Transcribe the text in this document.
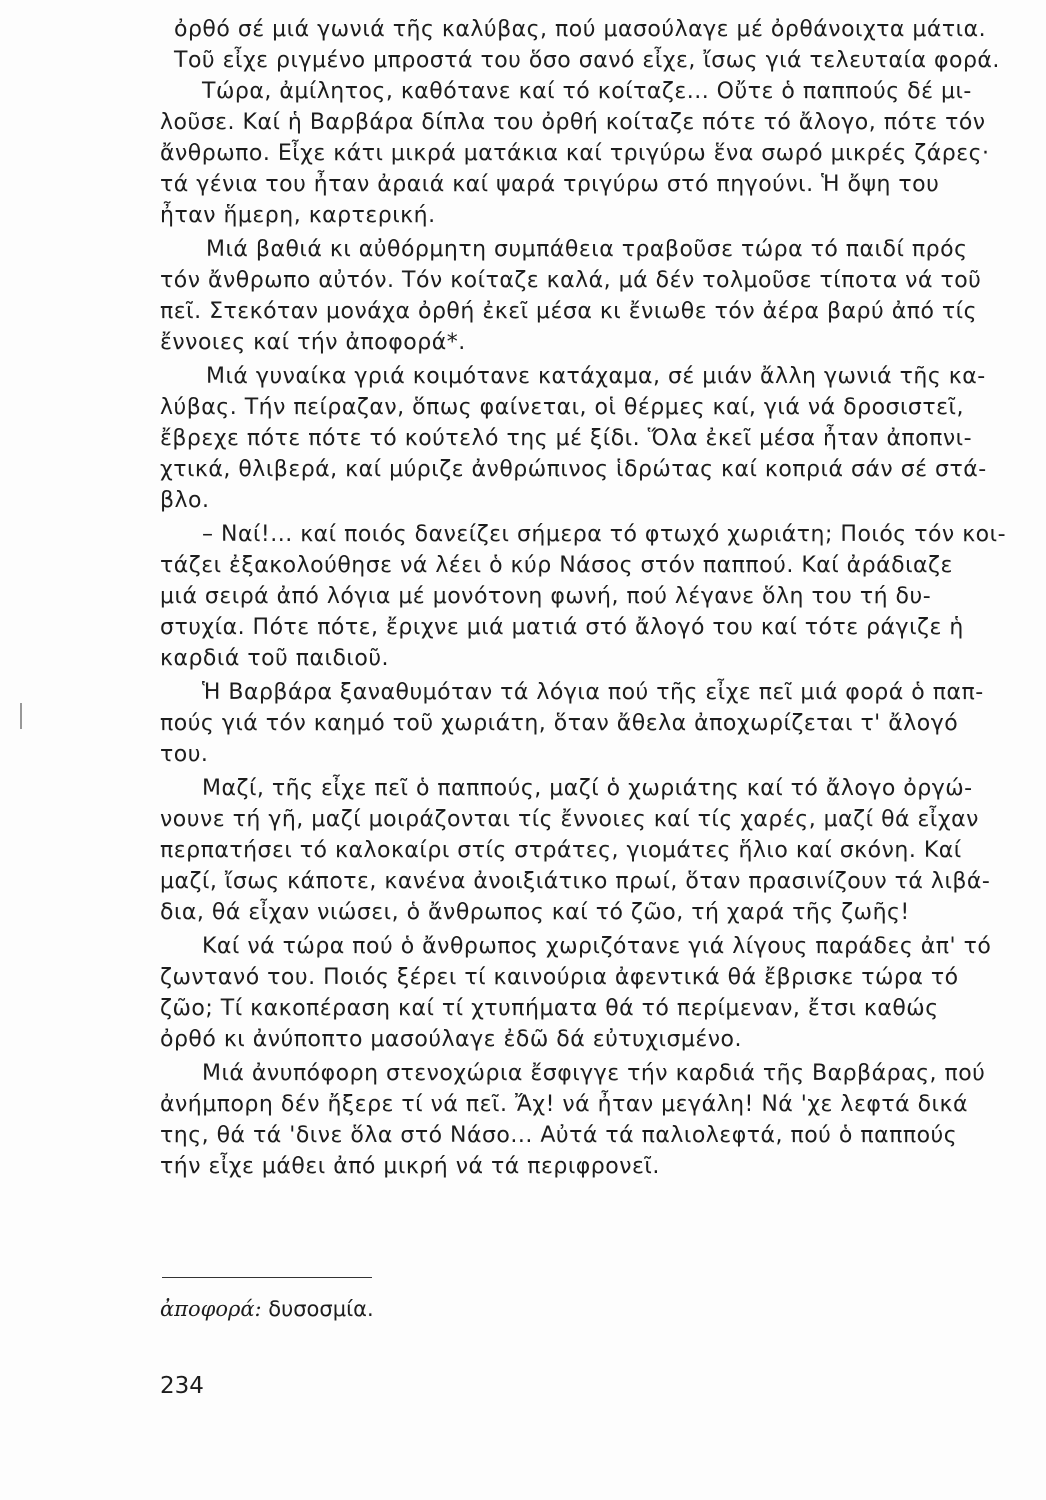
ὀρθό σέ μιά γωνιά τῆς καλύβας, πού μασούλαγε μέ ὀρθάνοιχτα μάτια.
Τοῦ εἶχε ριγμένο μπροστά του ὅσο σανό εἶχε, ἴσως γιά τελευταία φορά.
Τώρα, ἀμίλητος, καθότανε καί τό κοίταζε... Οὔτε ὁ παππούς δέ μι-
λοῦσε. Καί ἡ Βαρβάρα δίπλα του ὀρθή κοίταζε πότε τό ἄλογο, πότε τόν
ἄνθρωπο. Εἶχε κάτι μικρά ματάκια καί τριγύρω ἕνα σωρό μικρές ζάρες·
τά γένια του ἦταν ἀραιά καί ψαρά τριγύρω στό πηγούνι. Ἡ ὄψη του
ἦταν ἥμερη, καρτερική.
Μιά βαθιά κι αὐθόρμητη συμπάθεια τραβοῦσε τώρα τό παιδί πρός
τόν ἄνθρωπο αὐτόν. Τόν κοίταζε καλά, μά δέν τολμοῦσε τίποτα νά τοῦ
πεῖ. Στεκόταν μονάχα ὀρθή ἐκεῖ μέσα κι ἔνιωθε τόν ἀέρα βαρύ ἀπό τίς
ἔννοιες καί τήν ἀποφορά*.
Μιά γυναίκα γριά κοιμότανε κατάχαμα, σέ μιάν ἄλλη γωνιά τῆς κα-
λύβας. Τήν πείραζαν, ὅπως φαίνεται, οἱ θέρμες καί, γιά νά δροσιστεῖ,
ἔβρεχε πότε πότε τό κούτελό της μέ ξίδι. Ὅλα ἐκεῖ μέσα ἦταν ἀποπνι-
χτικά, θλιβερά, καί μύριζε ἀνθρώπινος ἱδρώτας καί κοπριά σάν σέ στά-
βλο.
– Ναί!... καί ποιός δανείζει σήμερα τό φτωχό χωριάτη; Ποιός τόν κοι-
τάζει ἐξακολούθησε νά λέει ὁ κύρ Νάσος στόν παππού. Καί ἀράδιαζε
μιά σειρά ἀπό λόγια μέ μονότονη φωνή, πού λέγανε ὅλη του τή δυ-
στυχία. Πότε πότε, ἔριχνε μιά ματιά στό ἄλογό του καί τότε ράγιζε ἡ
καρδιά τοῦ παιδιοῦ.
Ἡ Βαρβάρα ξαναθυμόταν τά λόγια πού τῆς εἶχε πεῖ μιά φορά ὁ παπ-
πούς γιά τόν καημό τοῦ χωριάτη, ὅταν ἄθελα ἀποχωρίζεται τ' ἄλογό
του.
Μαζί, τῆς εἶχε πεῖ ὁ παππούς, μαζί ὁ χωριάτης καί τό ἄλογο ὀργώ-
νουνε τή γῆ, μαζί μοιράζονται τίς ἔννοιες καί τίς χαρές, μαζί θά εἶχαν
περπατήσει τό καλοκαίρι στίς στράτες, γιομάτες ἥλιο καί σκόνη. Καί
μαζί, ἴσως κάποτε, κανένα ἀνοιξιάτικο πρωί, ὅταν πρασινίζουν τά λιβά-
δια, θά εἶχαν νιώσει, ὁ ἄνθρωπος καί τό ζῶο, τή χαρά τῆς ζωῆς!
Καί νά τώρα πού ὁ ἄνθρωπος χωριζότανε γιά λίγους παράδες ἀπ' τό
ζωντανό του. Ποιός ξέρει τί καινούρια ἀφεντικά θά ἔβρισκε τώρα τό
ζῶο; Τί κακοπέραση καί τί χτυπήματα θά τό περίμεναν, ἔτσι καθώς
ὀρθό κι ἀνύποπτο μασούλαγε ἐδῶ δά εὐτυχισμένο.
Μιά ἀνυπόφορη στενοχώρια ἔσφιγγε τήν καρδιά τῆς Βαρβάρας, πού
ἀνήμπορη δέν ἤξερε τί νά πεῖ. Ἄχ! νά ἦταν μεγάλη! Νά 'χε λεφτά δικά
της, θά τά 'δινε ὅλα στό Νάσο... Αὐτά τά παλιολεφτά, πού ὁ παππούς
τήν εἶχε μάθει ἀπό μικρή νά τά περιφρονεῖ.
ἀποφορά: δυσοσμία.
234
